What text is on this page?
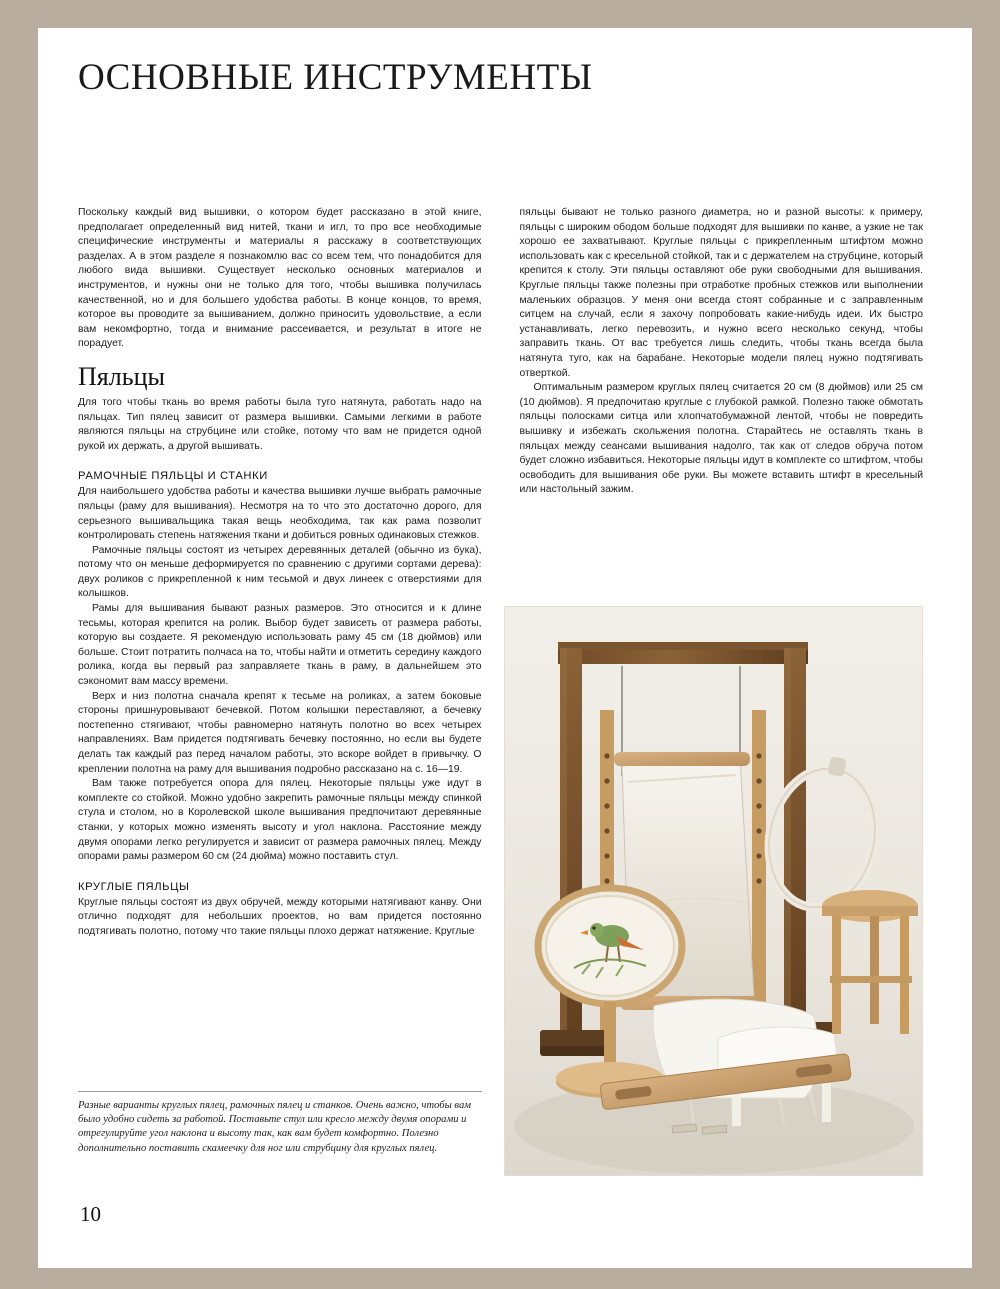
ОСНОВНЫЕ ИНСТРУМЕНТЫ

Поскольку каждый вид вышивки, о котором будет рассказано в этой книге, предполагает определенный вид нитей, ткани и игл, то про все необходимые специфические инструменты и материалы я расскажу в соответствующих разделах. А в этом разделе я познакомлю вас со всем тем, что понадобится для любого вида вышивки. Существует несколько основных материалов и инструментов, и нужны они не только для того, чтобы вышивка получилась качественной, но и для большего удобства работы. В конце концов, то время, которое вы проводите за вышиванием, должно приносить удовольствие, а если вам некомфортно, тогда и внимание рассеивается, и результат в итоге не порадует.

Пяльцы

Для того чтобы ткань во время работы была туго натянута, работать надо на пяльцах. Тип пялец зависит от размера вышивки. Самыми легкими в работе являются пяльцы на струбцине или стойке, потому что вам не придется одной рукой их держать, а другой вышивать.

РАМОЧНЫЕ ПЯЛЬЦЫ И СТАНКИ

Для наибольшего удобства работы и качества вышивки лучше выбрать рамочные пяльцы (раму для вышивания). Несмотря на то что это достаточно дорого, для серьезного вышивальщика такая вещь необходима, так как рама позволит контролировать степень натяжения ткани и добиться ровных одинаковых стежков.

Рамочные пяльцы состоят из четырех деревянных деталей (обычно из бука), потому что он меньше деформируется по сравнению с другими сортами дерева): двух роликов с прикрепленной к ним тесьмой и двух линеек с отверстиями для колышков.

Рамы для вышивания бывают разных размеров. Это относится и к длине тесьмы, которая крепится на ролик. Выбор будет зависеть от размера работы, которую вы создаете. Я рекомендую использовать раму 45 см (18 дюймов) или больше. Стоит потратить полчаса на то, чтобы найти и отметить середину каждого ролика, когда вы первый раз заправляете ткань в раму, в дальнейшем это сэкономит вам массу времени.

Верх и низ полотна сначала крепят к тесьме на роликах, а затем боковые стороны пришнуровывают бечевкой. Потом колышки переставляют, а бечевку постепенно стягивают, чтобы равномерно натянуть полотно во всех четырех направлениях. Вам придется подтягивать бечевку постоянно, но если вы будете делать так каждый раз перед началом работы, это вскоре войдет в привычку. О креплении полотна на раму для вышивания подробно рассказано на с. 16—19.

Вам также потребуется опора для пялец. Некоторые пяльцы уже идут в комплекте со стойкой. Можно удобно закрепить рамочные пяльцы между спинкой стула и столом, но в Королевской школе вышивания предпочитают деревянные станки, у которых можно изменять высоту и угол наклона. Расстояние между двумя опорами легко регулируется и зависит от размера рамочных пялец. Между опорами рамы размером 60 см (24 дюйма) можно поставить стул.

КРУГЛЫЕ ПЯЛЬЦЫ

Круглые пяльцы состоят из двух обручей, между которыми натягивают канву. Они отлично подходят для небольших проектов, но вам придется постоянно подтягивать полотно, потому что такие пяльцы плохо держат натяжение. Круглые

пяльцы бывают не только разного диаметра, но и разной высоты: к примеру, пяльцы с широким ободом больше подходят для вышивки по канве, а узкие не так хорошо ее захватывают. Круглые пяльцы с прикрепленным штифтом можно использовать как с кресельной стойкой, так и с держателем на струбцине, который крепится к столу. Эти пяльцы оставляют обе руки свободными для вышивания. Круглые пяльцы также полезны при отработке пробных стежков или выполнении маленьких образцов. У меня они всегда стоят собранные и с заправленным ситцем на случай, если я захочу попробовать какие-нибудь идеи. Их быстро устанавливать, легко перевозить, и нужно всего несколько секунд, чтобы заправить ткань. От вас требуется лишь следить, чтобы ткань всегда была натянута туго, как на барабане. Некоторые модели пялец нужно подтягивать отверткой.

Оптимальным размером круглых пялец считается 20 см (8 дюймов) или 25 см (10 дюймов). Я предпочитаю круглые с глубокой рамкой. Полезно также обмотать пяльцы полосками ситца или хлопчатобумажной лентой, чтобы не повредить вышивку и избежать скольжения полотна. Старайтесь не оставлять ткань в пяльцах между сеансами вышивания надолго, так как от следов обруча потом будет сложно избавиться. Некоторые пяльцы идут в комплекте со штифтом, чтобы освободить для вышивания обе руки. Вы можете вставить штифт в кресельный или настольный зажим.

Разные варианты круглых пялец, рамочных пялец и станков. Очень важно, чтобы вам было удобно сидеть за работой. Поставьте стул или кресло между двумя опорами и отрегулируйте угол наклона и высоту так, как вам будет комфортно. Полезно дополнительно поставить скамеечку для ног или струбцину для круглых пялец.

10
